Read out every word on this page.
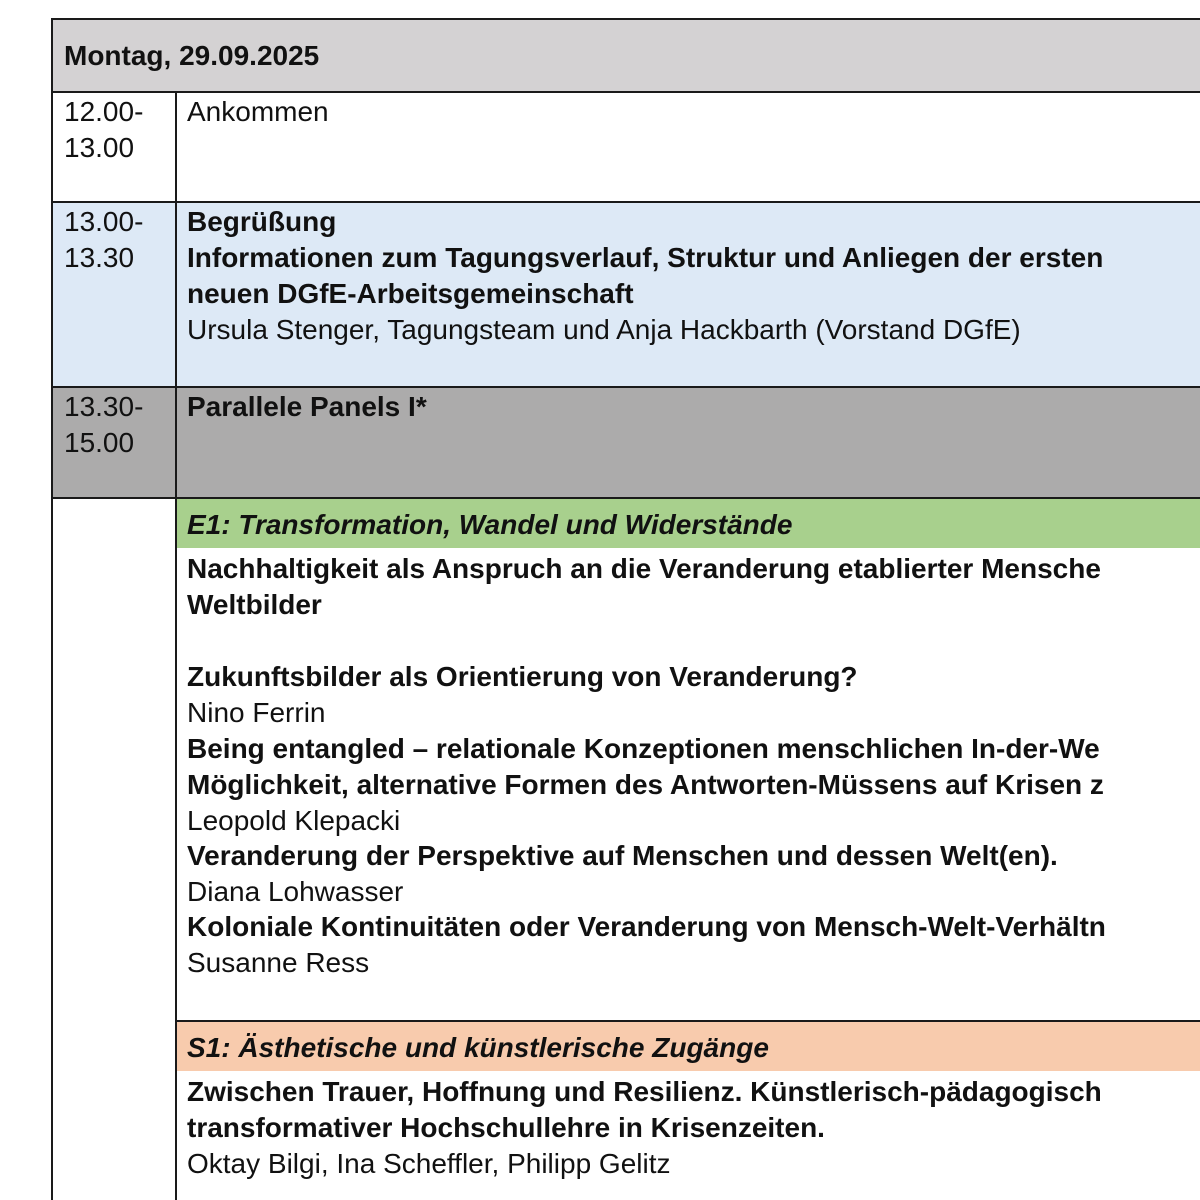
Montag, 29.09.2025
12.00-
13.00
Ankommen
13.00-
13.30
Begrüßung
Informationen zum Tagungsverlauf, Struktur und Anliegen der ersten
neuen DGfE-Arbeitsgemeinschaft
Ursula Stenger, Tagungsteam und Anja Hackbarth (Vorstand DGfE)
13.30-
15.00
Parallele Panels I*
E1: Transformation, Wandel und Widerstände
Nachhaltigkeit als Anspruch an die Veranderung etablierter Mensche
Weltbilder
Zukunftsbilder als Orientierung von Veranderung?
Nino Ferrin
Being entangled – relationale Konzeptionen menschlichen In-der-We
Möglichkeit, alternative Formen des Antworten-Müssens auf Krisen z
Leopold Klepacki
Veranderung der Perspektive auf Menschen und dessen Welt(en).
Diana Lohwasser
Koloniale Kontinuitäten oder Veranderung von Mensch-Welt-Verhältn
Susanne Ress
S1: Ästhetische und künstlerische Zugänge
Zwischen Trauer, Hoffnung und Resilienz. Künstlerisch-pädagogisch
transformativer Hochschullehre in Krisenzeiten.
Oktay Bilgi, Ina Scheffler, Philipp Gelitz
